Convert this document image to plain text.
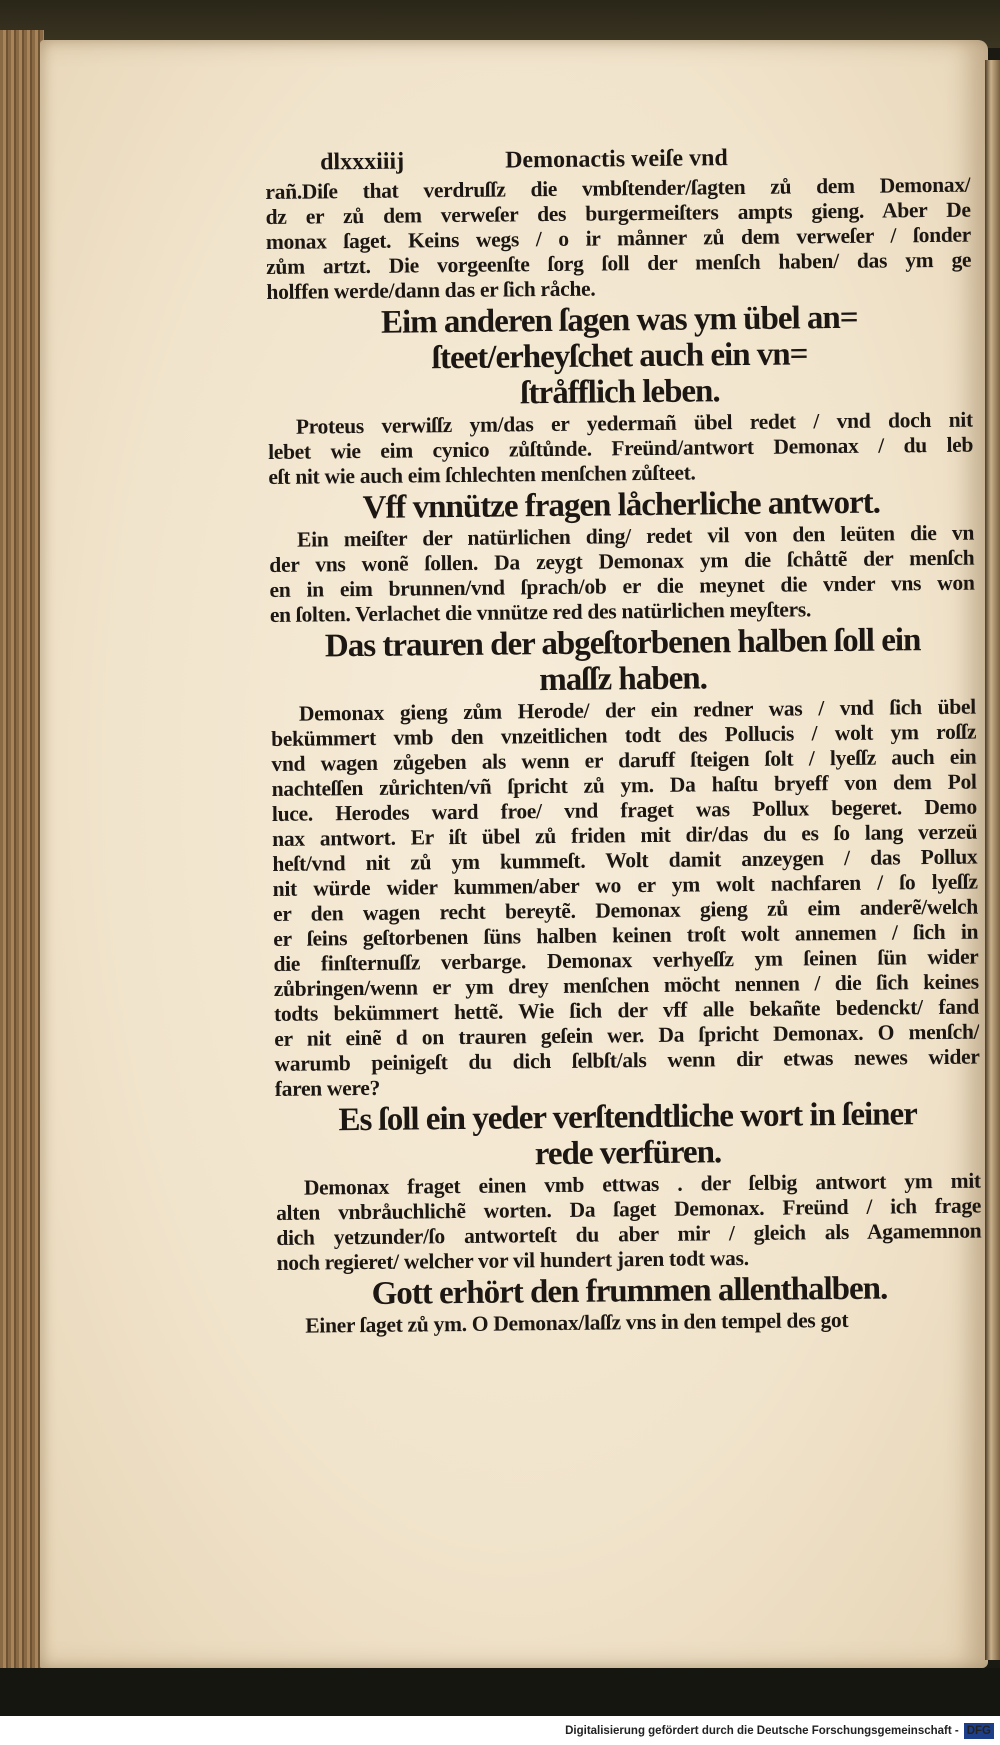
dlxxxiiij	Demonactis weiſe vnd
rañ.Diſe that verdruſſz die vmbſtender/ſagten zů dem Demonax/
dz er zů dem verweſer des burgermeiſters ampts gieng. Aber De
monax ſaget. Keins wegs / o ir månner zů dem verweſer / ſonder
zům artzt. Die vorgeenſte ſorg ſoll der menſch haben/ das ym ge
holffen werde/dann das er ſich råche.
Eim anderen ſagen was ym übel an=
ſteet/erheyſchet auch ein vn=
ſtråfflich leben.
Proteus verwiſſz ym/das er yedermañ übel redet / vnd doch nit
lebet wie eim cynico zůſtůnde. Freünd/antwort Demonax / du leb
eſt nit wie auch eim ſchlechten menſchen zůſteet.
Vff vnnütze fragen låcherliche antwort.
Ein meiſter der natürlichen ding/ redet vil von den leüten die vn
der vns wonẽ ſollen. Da zeygt Demonax ym die ſchåttẽ der menſch
en in eim brunnen/vnd ſprach/ob er die meynet die vnder vns won
en ſolten. Verlachet die vnnütze red des natürlichen meyſters.
Das trauren der abgeſtorbenen halben ſoll ein
maſſz haben.
Demonax gieng zům Herode/ der ein redner was / vnd ſich übel
bekümmert vmb den vnzeitlichen todt des Pollucis / wolt ym roſſz
vnd wagen zůgeben als wenn er daruff ſteigen ſolt / lyeſſz auch ein
nachteſſen zůrichten/vñ ſpricht zů ym. Da haſtu bryeff von dem Pol
luce. Herodes ward froe/ vnd fraget was Pollux begeret. Demo
nax antwort. Er iſt übel zů friden mit dir/das du es ſo lang verzeü
heſt/vnd nit zů ym kummeſt. Wolt damit anzeygen / das Pollux
nit würde wider kummen/aber wo er ym wolt nachfaren / ſo lyeſſz
er den wagen recht bereytẽ. Demonax gieng zů eim anderẽ/welch
er ſeins geſtorbenen ſüns halben keinen troſt wolt annemen / ſich in
die finſternuſſz verbarge. Demonax verhyeſſz ym ſeinen ſün wider
zůbringen/wenn er ym drey menſchen möcht nennen / die ſich keines
todts bekümmert hettẽ. Wie ſich der vff alle bekañte bedenckt/ fand
er nit einẽ d on trauren geſein wer. Da ſpricht Demonax. O menſch/
warumb peinigeſt du dich ſelbſt/als wenn dir etwas newes wider
faren were?
Es ſoll ein yeder verſtendtliche wort in ſeiner
rede verfüren.
Demonax fraget einen vmb ettwas . der ſelbig antwort ym mit
alten vnbråuchlichẽ worten. Da ſaget Demonax. Freünd / ich frage
dich yetzunder/ſo antworteſt du aber mir / gleich als Agamemnon
noch regieret/ welcher vor vil hundert jaren todt was.
Gott erhört den frummen allenthalben.
Einer ſaget zů ym. O Demonax/laſſz vns in den tempel des got
Digitalisierung gefördert durch die Deutsche Forschungsgemeinschaft - DFG
